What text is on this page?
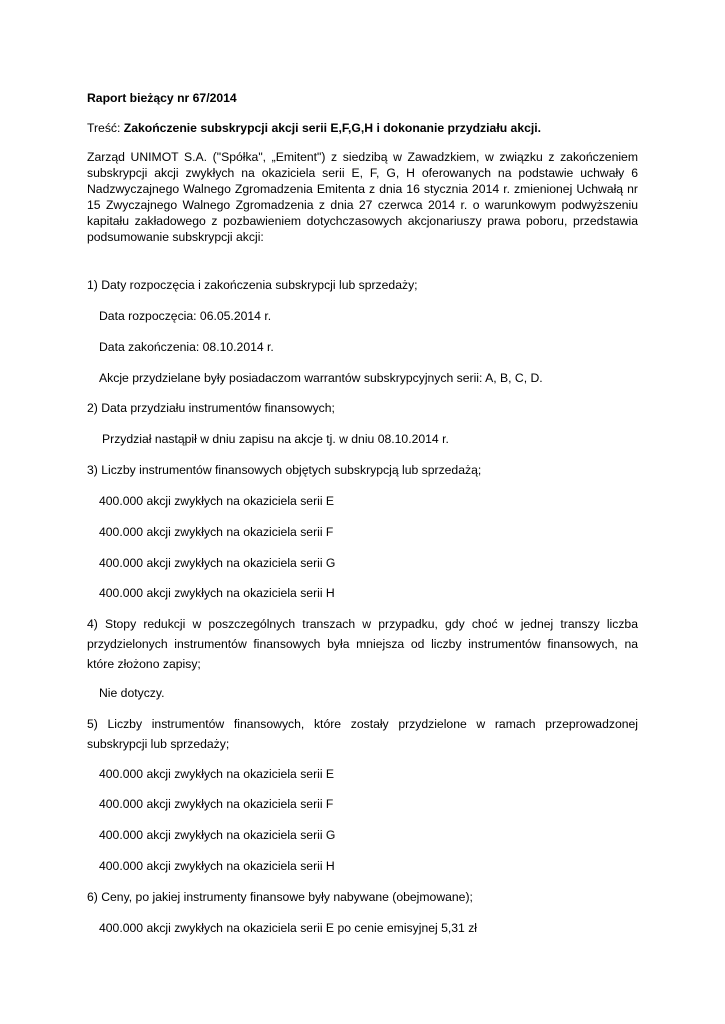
Raport bieżący nr 67/2014
Treść: Zakończenie subskrypcji akcji serii E,F,G,H i dokonanie przydziału akcji.
Zarząd UNIMOT S.A. ("Spółka", „Emitent") z siedzibą w Zawadzkiem, w związku z zakończeniem
subskrypcji akcji zwykłych na okaziciela serii E, F, G, H oferowanych na podstawie uchwały 6
Nadzwyczajnego Walnego Zgromadzenia Emitenta z dnia 16 stycznia 2014 r. zmienionej Uchwałą nr
15 Zwyczajnego Walnego Zgromadzenia z dnia 27 czerwca 2014 r. o warunkowym podwyższeniu
kapitału zakładowego z pozbawieniem dotychczasowych akcjonariuszy prawa poboru, przedstawia
podsumowanie subskrypcji akcji:
1) Daty rozpoczęcia i zakończenia subskrypcji lub sprzedaży;
Data rozpoczęcia: 06.05.2014 r.
Data zakończenia: 08.10.2014 r.
Akcje przydzielane były posiadaczom warrantów subskrypcyjnych serii: A, B, C, D.
2) Data przydziału instrumentów finansowych;
Przydział nastąpił w dniu zapisu na akcje tj. w dniu 08.10.2014 r.
3) Liczby instrumentów finansowych objętych subskrypcją lub sprzedażą;
400.000 akcji zwykłych na okaziciela serii E
400.000 akcji zwykłych na okaziciela serii F
400.000 akcji zwykłych na okaziciela serii G
400.000 akcji zwykłych na okaziciela serii H
4) Stopy redukcji w poszczególnych transzach w przypadku, gdy choć w jednej transzy liczba
przydzielonych instrumentów finansowych była mniejsza od liczby instrumentów finansowych, na
które złożono zapisy;
Nie dotyczy.
5) Liczby instrumentów finansowych, które zostały przydzielone w ramach przeprowadzonej
subskrypcji lub sprzedaży;
400.000 akcji zwykłych na okaziciela serii E
400.000 akcji zwykłych na okaziciela serii F
400.000 akcji zwykłych na okaziciela serii G
400.000 akcji zwykłych na okaziciela serii H
6) Ceny, po jakiej instrumenty finansowe były nabywane (obejmowane);
400.000 akcji zwykłych na okaziciela serii E po cenie emisyjnej 5,31 zł
